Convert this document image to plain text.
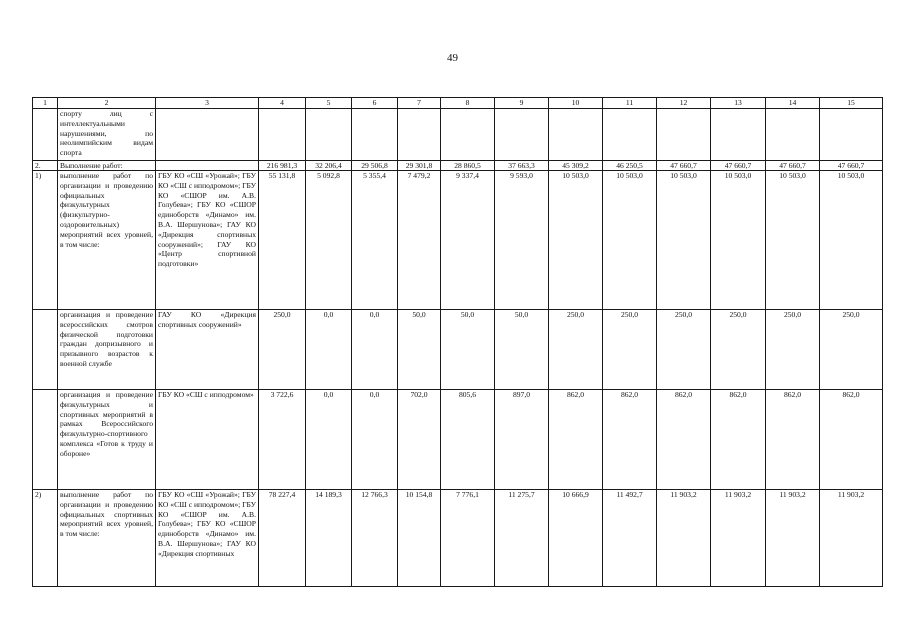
49
1	2	3	4	5	6	7	8	9	10	11	12	13	14	15
	спорту лиц с интеллектуальными нарушениями, по неолимпийским видам спорта													
2.	Выполнение работ:		216 981,3	32 206,4	29 506,8	29 301,8	28 860,5	37 663,3	45 309,2	46 250,5	47 660,7	47 660,7	47 660,7	47 660,7
1)	выполнение работ по организации и проведению официальных физкультурных (физкультурно-оздоровительных) мероприятий всех уровней, в том числе:	ГБУ КО «СШ «Урожай»; ГБУ КО «СШ с ипподромом»; ГБУ КО «СШОР им. А.В. Голубева»; ГБУ КО «СШОР единоборств «Динамо» им. В.А. Шершунова»; ГАУ КО «Дирекция спортивных сооружений»; ГАУ КО «Центр спортивной подготовки»	55 131,8	5 092,8	5 355,4	7 479,2	9 337,4	9 593,0	10 503,0	10 503,0	10 503,0	10 503,0	10 503,0	10 503,0
	организация и проведение всероссийских смотров физической подготовки граждан допризывного и призывного возрастов к военной службе	ГАУ КО «Дирекция спортивных сооружений»	250,0	0,0	0,0	50,0	50,0	50,0	250,0	250,0	250,0	250,0	250,0	250,0
	организация и проведение физкультурных и спортивных мероприятий в рамках Всероссийского физкультурно-спортивного комплекса «Готов к труду и обороне»	ГБУ КО «СШ с ипподромом»	3 722,6	0,0	0,0	702,0	805,6	897,0	862,0	862,0	862,0	862,0	862,0	862,0
2)	выполнение работ по организации и проведению официальных спортивных мероприятий всех уровней, в том числе:	ГБУ КО «СШ «Урожай»; ГБУ КО «СШ с ипподромом»; ГБУ КО «СШОР им. А.В. Голубева»; ГБУ КО «СШОР единоборств «Динамо» им. В.А. Шершунова»; ГАУ КО «Дирекция спортивных	78 227,4	14 189,3	12 766,3	10 154,8	7 776,1	11 275,7	10 666,9	11 492,7	11 903,2	11 903,2	11 903,2	11 903,2
